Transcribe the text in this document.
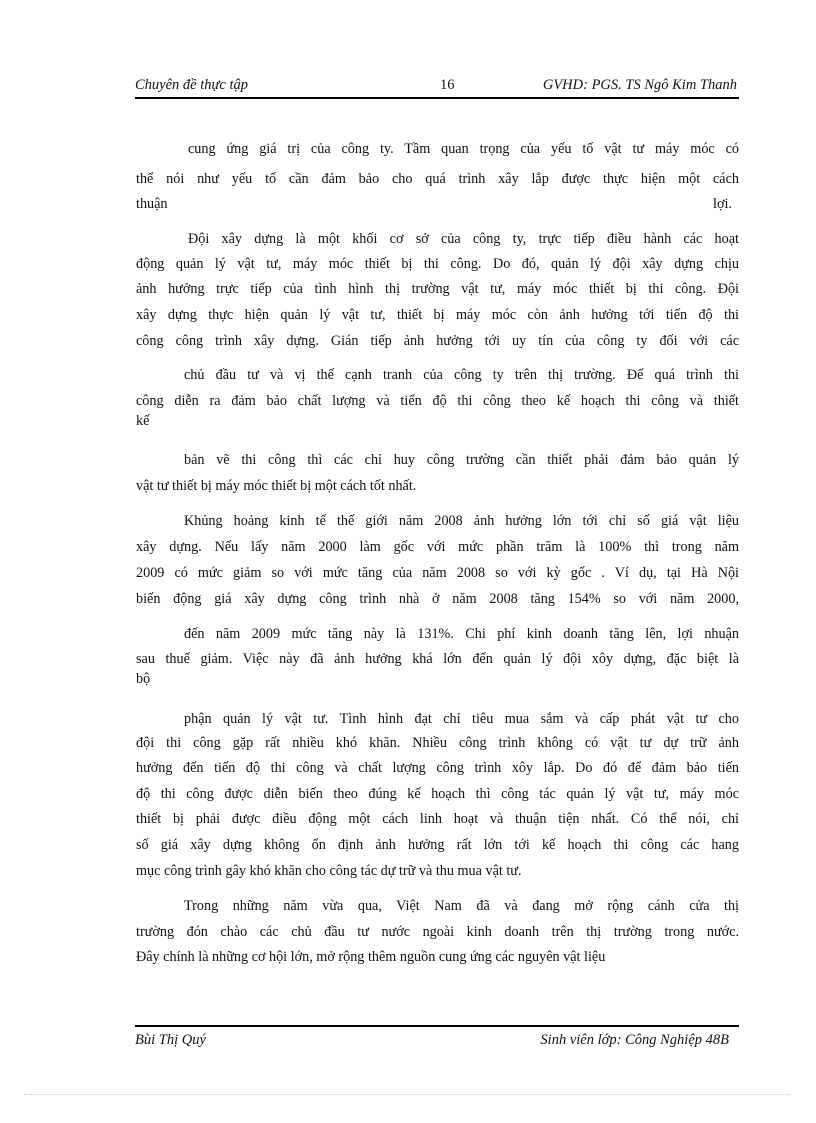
Chuyên đề thực tập	16	GVHD: PGS. TS Ngô Kim Thanh
cung ứng giá trị của công ty. Tầm quan trọng của yếu tố vật tư máy móc có
thể nói như yếu tố cần đảm bảo cho quá trình xây lắp được thực hiện một cách
thuận	lợi.
Đội xây dựng là một khối cơ sở của công ty, trực tiếp điều hành các hoạt
động quản lý vật tư, máy móc thiết bị thi công. Do đó, quản lý đội xây dựng chịu
ảnh hưởng trực tiếp của tình hình thị trường vật tư, máy móc thiết bị thi công. Đội
xây dựng thực hiện quản lý vật tư, thiết bị máy móc còn ảnh hưởng tới tiến độ thi
công công trình xây dựng. Gián tiếp ảnh hưởng tới uy tín của công ty đối với các
chủ đầu tư và vị thế cạnh tranh của công ty trên thị trường. Để quá trình thi
công diễn ra đảm bảo chất lượng và tiến độ thi công theo kế hoạch thi công và thiết
kế
bản vẽ thi công thì các chỉ huy công trường cần thiết phải đảm bảo quản lý
vật tư thiết bị máy móc thiết bị một cách tốt nhất.
Khủng hoảng kinh tế thế giới năm 2008 ảnh hưởng lớn tới chỉ số giá vật liệu
xây dựng. Nếu lấy năm 2000 làm gốc với mức phần trăm là 100% thì trong năm
2009 có mức giảm so với mức tăng của năm 2008 so với kỳ gốc . Ví dụ, tại Hà Nội
biến động giá xây dựng công trình nhà ở năm 2008 tăng 154% so với năm 2000,
đến năm 2009 mức tăng này là 131%. Chi phí kinh doanh tăng lên, lợi nhuận
sau thuế giảm. Việc này đã ảnh hưởng khá lớn đến quản lý đội xôy dựng, đặc biệt là
bộ
phận quản lý vật tư. Tình hình đạt chỉ tiêu mua sắm và cấp phát vật tư cho
đội thi công gặp rất nhiều khó khăn. Nhiều công trình không có vật tư dự trữ ảnh
hưởng đến tiến độ thi công và chất lượng công trình xôy lắp. Do đó để đảm bảo tiến
độ thi công được diễn biến theo đúng kế hoạch thì công tác quản lý vật tư, máy móc
thiết bị phải được điều động một cách linh hoạt và thuận tiện nhất. Có thể nói, chỉ
số giá xây dựng không ổn định ảnh hưởng rất lớn tới kế hoạch thi công các hang
mục công trình gây khó khăn cho công tác dự trữ và thu mua vật tư.
Trong những năm vừa qua, Việt Nam đã và đang mở rộng cánh cửa thị
trường đón chào các chủ đầu tư nước ngoài kinh doanh trên thị trường trong nước.
Đây chính là những cơ hội lớn, mở rộng thêm nguồn cung ứng các nguyên vật liệu
Bùi Thị Quý	Sinh viên lớp: Công Nghiệp 48B
